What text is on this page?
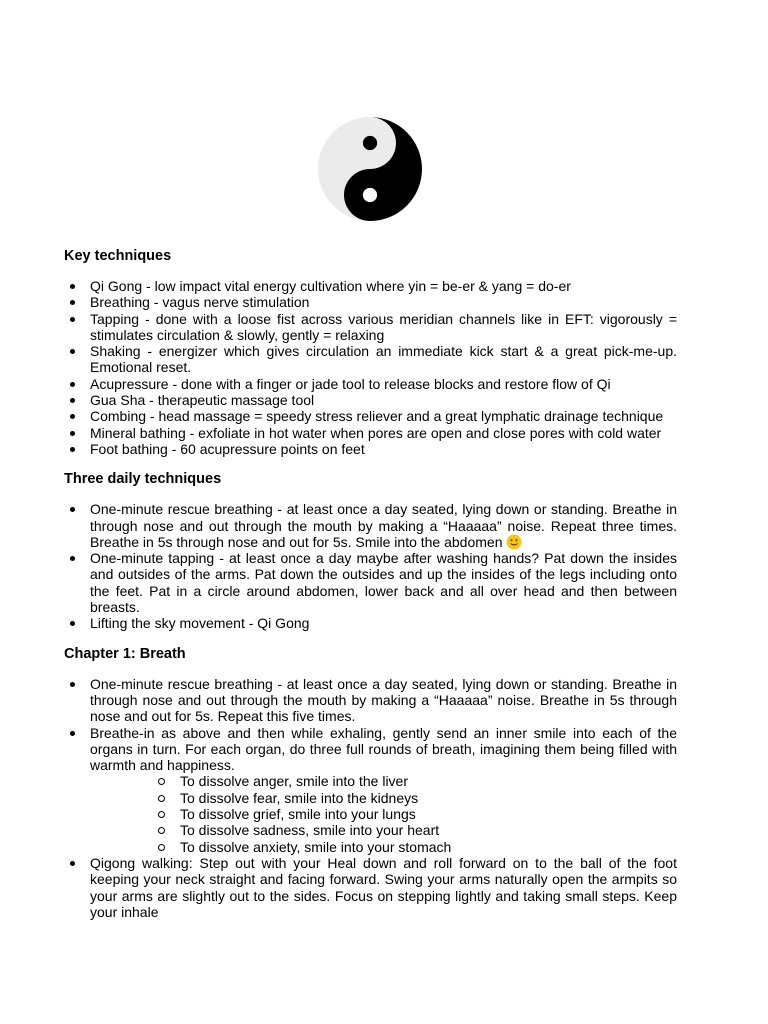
Key techniques
Qi Gong - low impact vital energy cultivation where yin = be-er & yang = do-er
Breathing - vagus nerve stimulation
Tapping - done with a loose fist across various meridian channels like in EFT: vigorously = stimulates circulation & slowly, gently = relaxing
Shaking - energizer which gives circulation an immediate kick start & a great pick-me-up. Emotional reset.
Acupressure - done with a finger or jade tool to release blocks and restore flow of Qi
Gua Sha - therapeutic massage tool
Combing - head massage = speedy stress reliever and a great lymphatic drainage technique
Mineral bathing - exfoliate in hot water when pores are open and close pores with cold water
Foot bathing - 60 acupressure points on feet
Three daily techniques
One-minute rescue breathing - at least once a day seated, lying down or standing. Breathe in through nose and out through the mouth by making a “Haaaaa” noise. Repeat three times. Breathe in 5s through nose and out for 5s. Smile into the abdomen
One-minute tapping - at least once a day maybe after washing hands? Pat down the insides and outsides of the arms. Pat down the outsides and up the insides of the legs including onto the feet. Pat in a circle around abdomen, lower back and all over head and then between breasts.
Lifting the sky movement - Qi Gong
Chapter 1: Breath
One-minute rescue breathing - at least once a day seated, lying down or standing. Breathe in through nose and out through the mouth by making a “Haaaaa” noise. Breathe in 5s through nose and out for 5s. Repeat this five times.
Breathe-in as above and then while exhaling, gently send an inner smile into each of the organs in turn. For each organ, do three full rounds of breath, imagining them being filled with warmth and happiness.
To dissolve anger, smile into the liver
To dissolve fear, smile into the kidneys
To dissolve grief, smile into your lungs
To dissolve sadness, smile into your heart
To dissolve anxiety, smile into your stomach
Qigong walking: Step out with your Heal down and roll forward on to the ball of the foot keeping your neck straight and facing forward. Swing your arms naturally open the armpits so your arms are slightly out to the sides. Focus on stepping lightly and taking small steps. Keep your inhale
